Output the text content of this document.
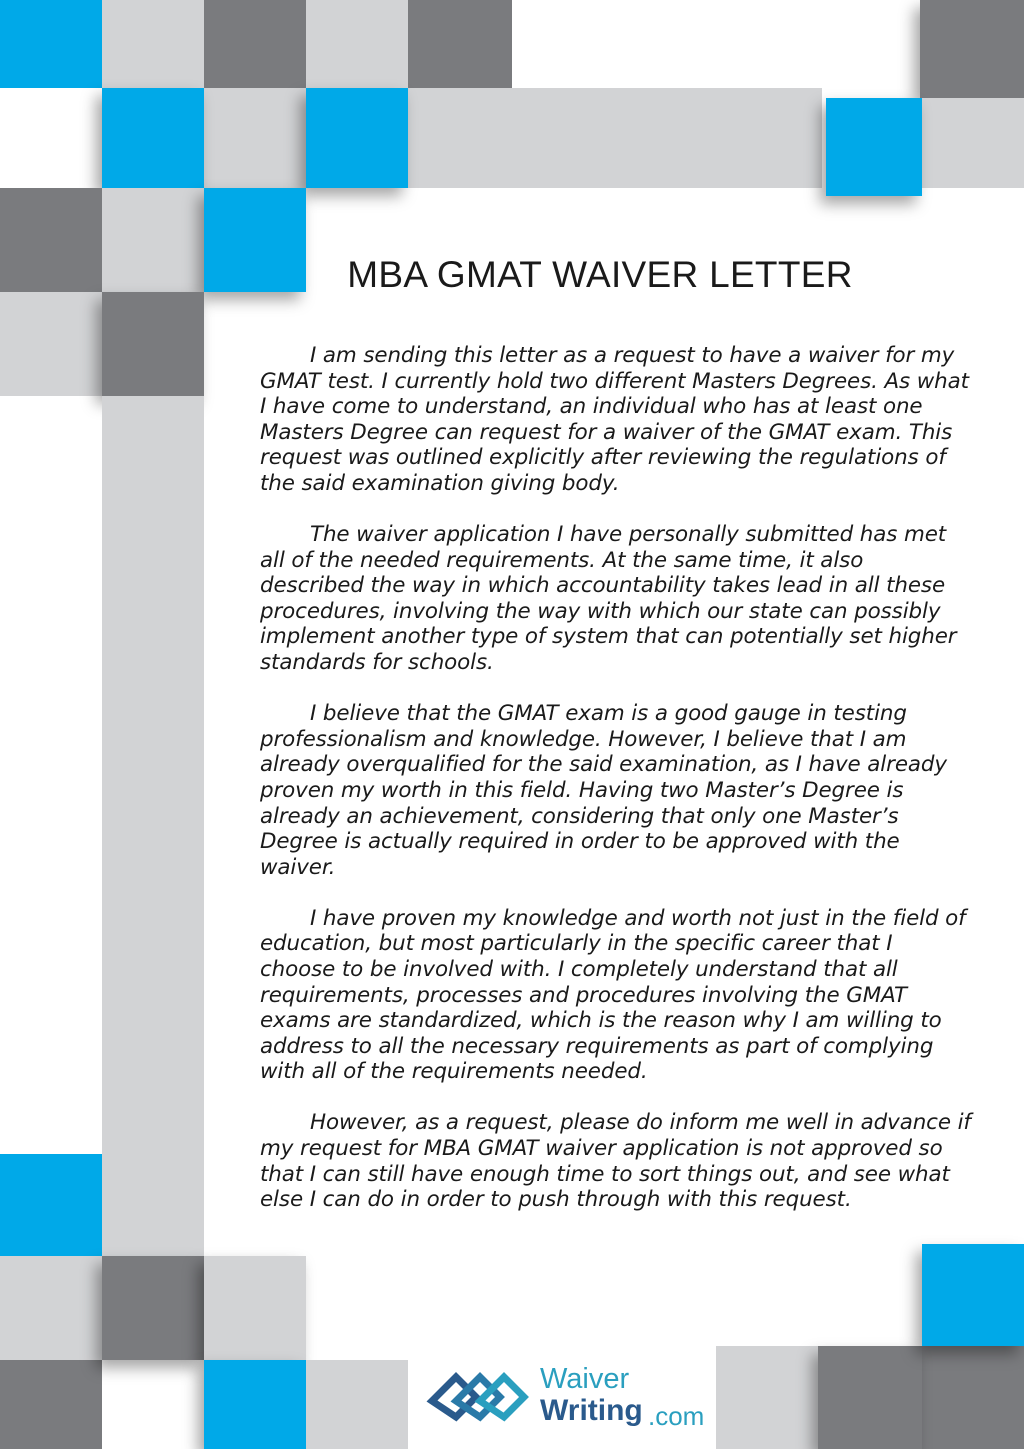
MBA GMAT WAIVER LETTER

I am sending this letter as a request to have a waiver for my GMAT test. I currently hold two different Masters Degrees. As what I have come to understand, an individual who has at least one Masters Degree can request for a waiver of the GMAT exam. This request was outlined explicitly after reviewing the regulations of the said examination giving body.

The waiver application I have personally submitted has met all of the needed requirements. At the same time, it also described the way in which accountability takes lead in all these procedures, involving the way with which our state can possibly implement another type of system that can potentially set higher standards for schools.

I believe that the GMAT exam is a good gauge in testing professionalism and knowledge. However, I believe that I am already overqualified for the said examination, as I have already proven my worth in this field. Having two Master’s Degree is already an achievement, considering that only one Master’s Degree is actually required in order to be approved with the waiver.

I have proven my knowledge and worth not just in the field of education, but most particularly in the specific career that I choose to be involved with. I completely understand that all requirements, processes and procedures involving the GMAT exams are standardized, which is the reason why I am willing to address to all the necessary requirements as part of complying with all of the requirements needed.

However, as a request, please do inform me well in advance if my request for MBA GMAT waiver application is not approved so that I can still have enough time to sort things out, and see what else I can do in order to push through with this request.

Waiver
Writing .com
